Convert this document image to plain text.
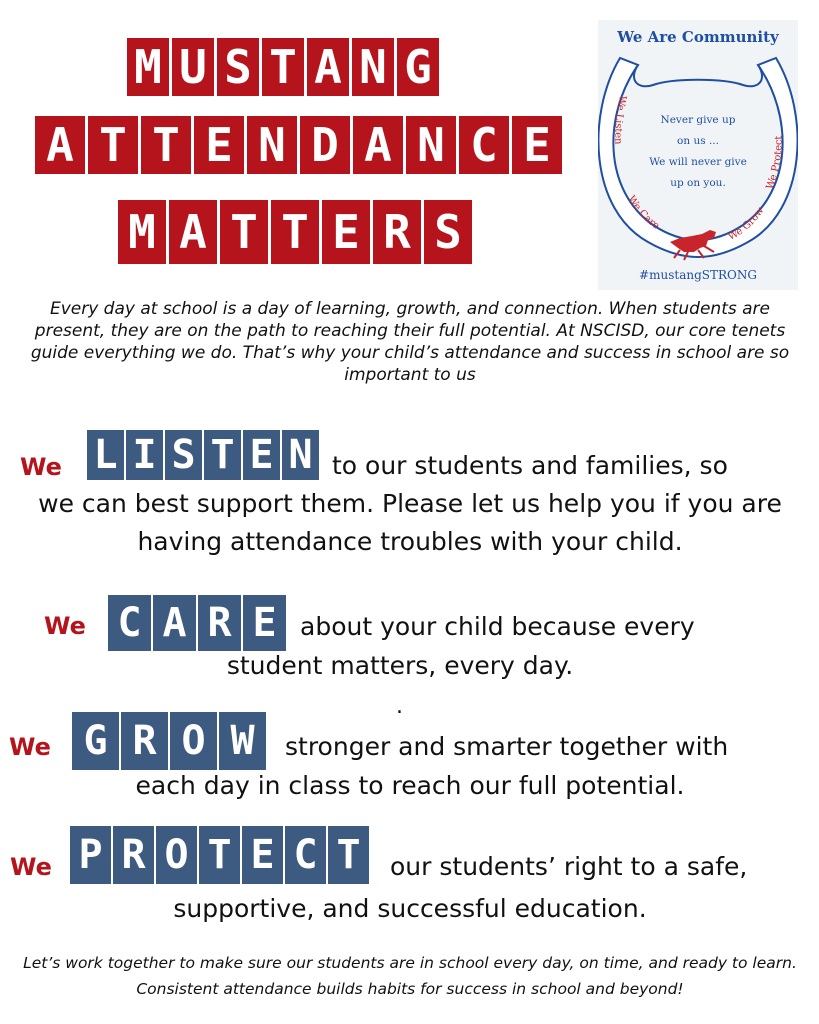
M U S T A N G
A T T E N D A N C E
M A T T E R S
We Are Community
We Listen
We Care
We Protect
We Grow
Never give up
on us ...
We will never give
up on you.
#mustangSTRONG
Every day at school is a day of learning, growth, and connection. When students are present, they are on the path to reaching their full potential. At NSCISD, our core tenets guide everything we do. That’s why your child’s attendance and success in school are so important to us
We L I S T E N to our students and families, so
we can best support them. Please let us help you if you are having attendance troubles with your child.
We C A R E about your child because every
student matters, every day.
.
We G R O W	stronger and smarter together with
each day in class to reach our full potential.
We P R O T E C T	our students’ right to a safe,
supportive, and successful education.
Let’s work together to make sure our students are in school every day, on time, and ready to learn. Consistent attendance builds habits for success in school and beyond!
